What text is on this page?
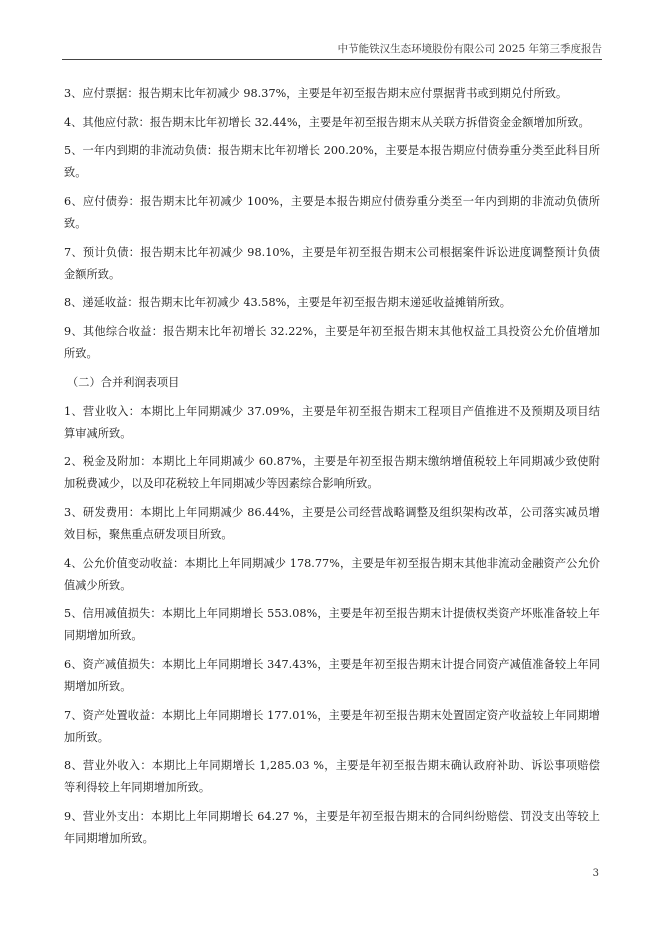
中节能铁汉生态环境股份有限公司 2025 年第三季度报告

3、应付票据：报告期末比年初减少 98.37%，主要是年初至报告期末应付票据背书或到期兑付所致。

4、其他应付款：报告期末比年初增长 32.44%，主要是年初至报告期末从关联方拆借资金金额增加所致。

5、一年内到期的非流动负债：报告期末比年初增长 200.20%，主要是本报告期应付债券重分类至此科目所致。

6、应付债券：报告期末比年初减少 100%，主要是本报告期应付债券重分类至一年内到期的非流动负债所致。

7、预计负债：报告期末比年初减少 98.10%，主要是年初至报告期末公司根据案件诉讼进度调整预计负债金额所致。

8、递延收益：报告期末比年初减少 43.58%，主要是年初至报告期末递延收益摊销所致。

9、其他综合收益：报告期末比年初增长 32.22%，主要是年初至报告期末其他权益工具投资公允价值增加所致。

（二）合并利润表项目

1、营业收入：本期比上年同期减少 37.09%，主要是年初至报告期末工程项目产值推进不及预期及项目结算审减所致。

2、税金及附加：本期比上年同期减少 60.87%，主要是年初至报告期末缴纳增值税较上年同期减少致使附加税费减少，以及印花税较上年同期减少等因素综合影响所致。

3、研发费用：本期比上年同期减少 86.44%，主要是公司经营战略调整及组织架构改革，公司落实减员增效目标，聚焦重点研发项目所致。

4、公允价值变动收益：本期比上年同期减少 178.77%，主要是年初至报告期末其他非流动金融资产公允价值减少所致。

5、信用减值损失：本期比上年同期增长 553.08%，主要是年初至报告期末计提债权类资产坏账准备较上年同期增加所致。

6、资产减值损失：本期比上年同期增长 347.43%，主要是年初至报告期末计提合同资产减值准备较上年同期增加所致。

7、资产处置收益：本期比上年同期增长 177.01%，主要是年初至报告期末处置固定资产收益较上年同期增加所致。

8、营业外收入：本期比上年同期增长 1,285.03 %，主要是年初至报告期末确认政府补助、诉讼事项赔偿等利得较上年同期增加所致。

9、营业外支出：本期比上年同期增长 64.27 %，主要是年初至报告期末的合同纠纷赔偿、罚没支出等较上年同期增加所致。

3
